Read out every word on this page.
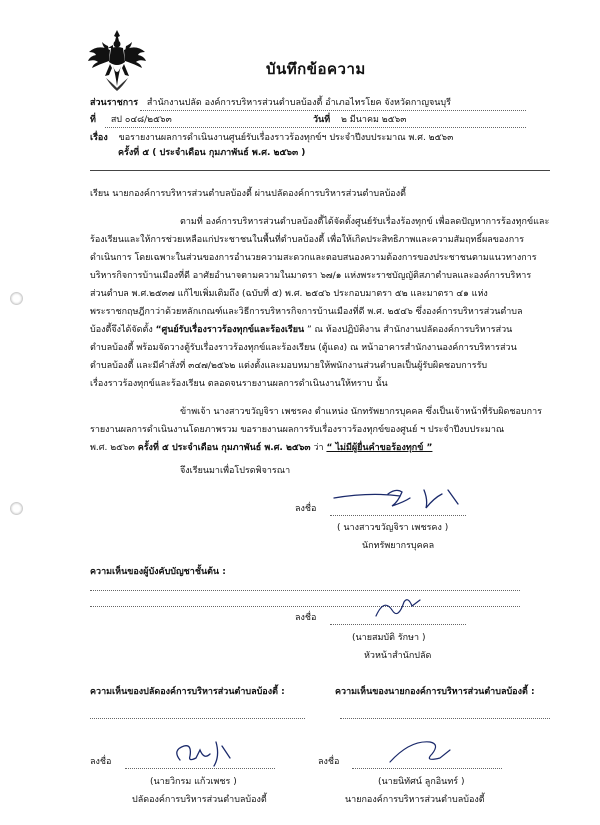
บันทึกข้อความ
ส่วนราชการ สำนักงานปลัด องค์การบริหารส่วนตำบลบ้องตี้ อำเภอไทรโยค จังหวัดกาญจนบุรี
ที่ สป ๐๔๘/๒๕๖๓	วันที่ ๒ มีนาคม ๒๕๖๓
เรื่อง ขอรายงานผลการดำเนินงานศูนย์รับเรื่องราวร้องทุกข์ฯ ประจำปีงบประมาณ พ.ศ. ๒๕๖๓
ครั้งที่ ๕ ( ประจำเดือน กุมภาพันธ์ พ.ศ. ๒๕๖๓ )
เรียน นายกองค์การบริหารส่วนตำบลบ้องตี้ ผ่านปลัดองค์การบริหารส่วนตำบลบ้องตี้
ตามที่ องค์การบริหารส่วนตำบลบ้องตี้ได้จัดตั้งศูนย์รับเรื่องร้องทุกข์ เพื่อลดปัญหาการร้องทุกข์และ
ร้องเรียนและให้การช่วยเหลือแก่ประชาชนในพื้นที่ตำบลบ้องตี้ เพื่อให้เกิดประสิทธิภาพและความสัมฤทธิ์ผลของการ
ดำเนินการ โดยเฉพาะในส่วนของการอำนวยความสะดวกและตอบสนองความต้องการของประชาชนตามแนวทางการ
บริหารกิจการบ้านเมืองที่ดี อาศัยอำนาจตามความในมาตรา ๖๗/๑ แห่งพระราชบัญญัติสภาตำบลและองค์การบริหาร
ส่วนตำบล พ.ศ.๒๕๓๗ แก้ไขเพิ่มเติมถึง (ฉบับที่ ๕) พ.ศ. ๒๕๔๖ ประกอบมาตรา ๕๒ และมาตรา ๔๑ แห่ง
พระราชกฤษฎีกาว่าด้วยหลักเกณฑ์และวิธีการบริหารกิจการบ้านเมืองที่ดี พ.ศ. ๒๕๔๖ ซึ่งองค์การบริหารส่วนตำบล
บ้องตี้จึงได้จัดตั้ง “ศูนย์รับเรื่องราวร้องทุกข์และร้องเรียน ” ณ ห้องปฏิบัติงาน สำนักงานปลัดองค์การบริหารส่วน
ตำบลบ้องตี้ พร้อมจัดวางตู้รับเรื่องราวร้องทุกข์และร้องเรียน (ตู้แดง) ณ หน้าอาคารสำนักงานองค์การบริหารส่วน
ตำบลบ้องตี้ และมีคำสั่งที่ ๓๔๗/๒๕๖๒ แต่งตั้งและมอบหมายให้พนักงานส่วนตำบลเป็นผู้รับผิดชอบการรับ
เรื่องราวร้องทุกข์และร้องเรียน ตลอดจนรายงานผลการดำเนินงานให้ทราบ นั้น
ข้าพเจ้า นางสาวขวัญจิรา เพชรคง ตำแหน่ง นักทรัพยากรบุคคล ซึ่งเป็นเจ้าหน้าที่รับผิดชอบการ
รายงานผลการดำเนินงานโดยภาพรวม ขอรายงานผลการรับเรื่องราวร้องทุกข์ของศูนย์ ฯ ประจำปีงบประมาณ
พ.ศ. ๒๕๖๓ ครั้งที่ ๕ ประจำเดือน กุมภาพันธ์ พ.ศ. ๒๕๖๓ ว่า “ ไม่มีผู้ยื่นคำขอร้องทุกข์ ”
จึงเรียนมาเพื่อโปรดพิจารณา
ลงชื่อ
( นางสาวขวัญจิรา เพชรคง )
นักทรัพยากรบุคคล
ความเห็นของผู้บังคับบัญชาชั้นต้น :
ลงชื่อ
(นายสมบัติ รักษา )
หัวหน้าสำนักปลัด
ความเห็นของปลัดองค์การบริหารส่วนตำบลบ้องตี้ :	ความเห็นของนายกองค์การบริหารส่วนตำบลบ้องตี้ :
ลงชื่อ
(นายวิกรม แก้วเพชร )
ปลัดองค์การบริหารส่วนตำบลบ้องตี้
ลงชื่อ
(นายนิทัศน์ ลูกอินทร์ )
นายกองค์การบริหารส่วนตำบลบ้องตี้
